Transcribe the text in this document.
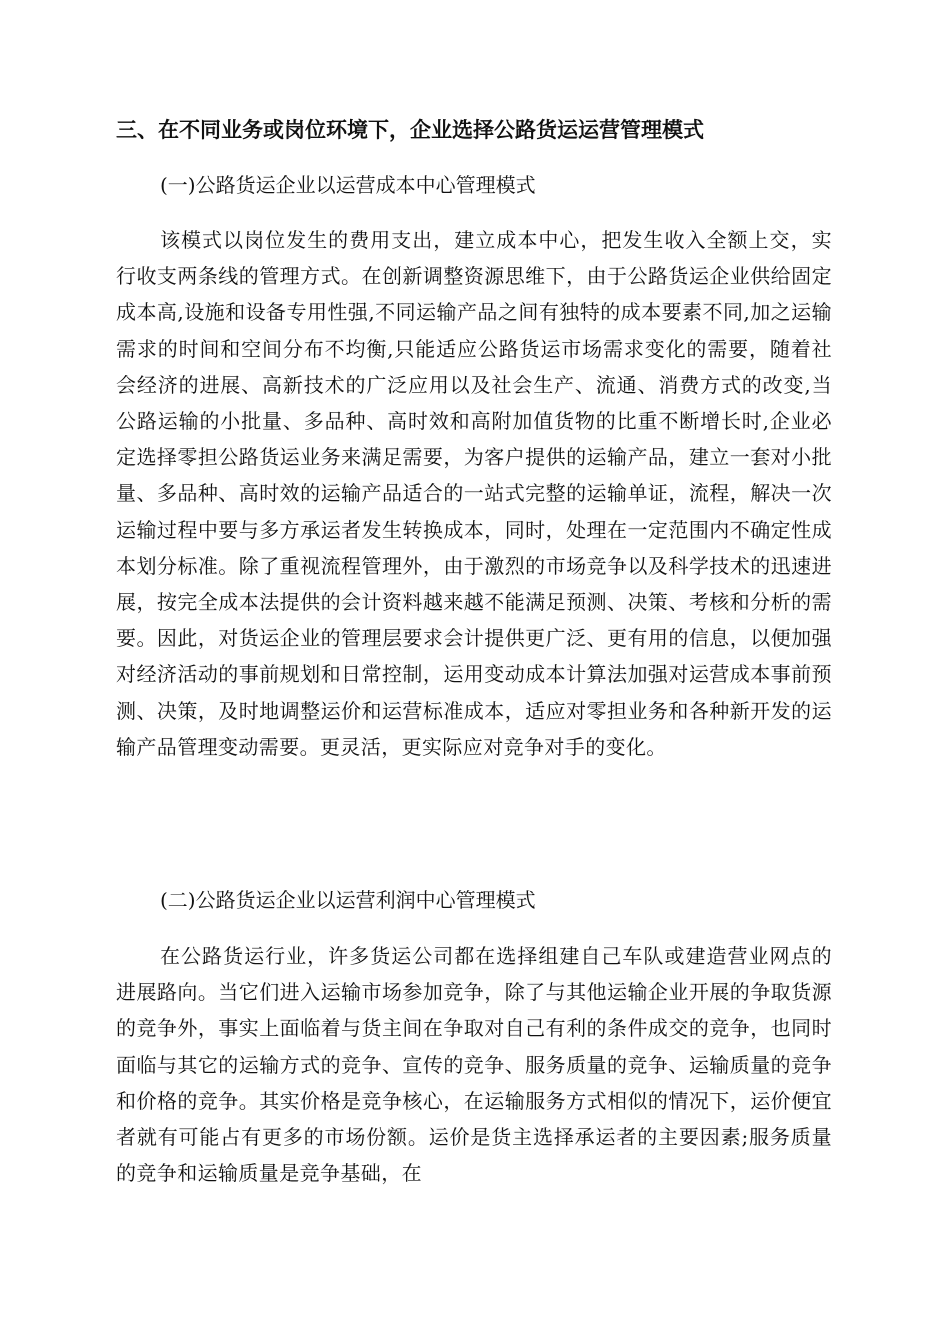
三、在不同业务或岗位环境下，企业选择公路货运运营管理模式
(一)公路货运企业以运营成本中心管理模式

该模式以岗位发生的费用支出，建立成本中心，把发生收入全额上交，实行收支两条线的管理方式。在创新调整资源思维下，由于公路货运企业供给固定成本高,设施和设备专用性强,不同运输产品之间有独特的成本要素不同,加之运输需求的时间和空间分布不均衡,只能适应公路货运市场需求变化的需要，随着社会经济的进展、高新技术的广泛应用以及社会生产、流通、消费方式的改变,当公路运输的小批量、多品种、高时效和高附加值货物的比重不断增长时,企业必定选择零担公路货运业务来满足需要，为客户提供的运输产品，建立一套对小批量、多品种、高时效的运输产品适合的一站式完整的运输单证，流程，解决一次运输过程中要与多方承运者发生转换成本，同时，处理在一定范围内不确定性成本划分标准。除了重视流程管理外，由于激烈的市场竞争以及科学技术的迅速进展，按完全成本法提供的会计资料越来越不能满足预测、决策、考核和分析的需要。因此，对货运企业的管理层要求会计提供更广泛、更有用的信息，以便加强对经济活动的事前规划和日常控制，运用变动成本计算法加强对运营成本事前预测、决策，及时地调整运价和运营标准成本，适应对零担业务和各种新开发的运输产品管理变动需要。更灵活，更实际应对竞争对手的变化。

(二)公路货运企业以运营利润中心管理模式

在公路货运行业，许多货运公司都在选择组建自己车队或建造营业网点的进展路向。当它们进入运输市场参加竞争，除了与其他运输企业开展的争取货源的竞争外，事实上面临着与货主间在争取对自己有利的条件成交的竞争，也同时面临与其它的运输方式的竞争、宣传的竞争、服务质量的竞争、运输质量的竞争和价格的竞争。其实价格是竞争核心，在运输服务方式相似的情况下，运价便宜者就有可能占有更多的市场份额。运价是货主选择承运者的主要因素;服务质量的竞争和运输质量是竞争基础，在
